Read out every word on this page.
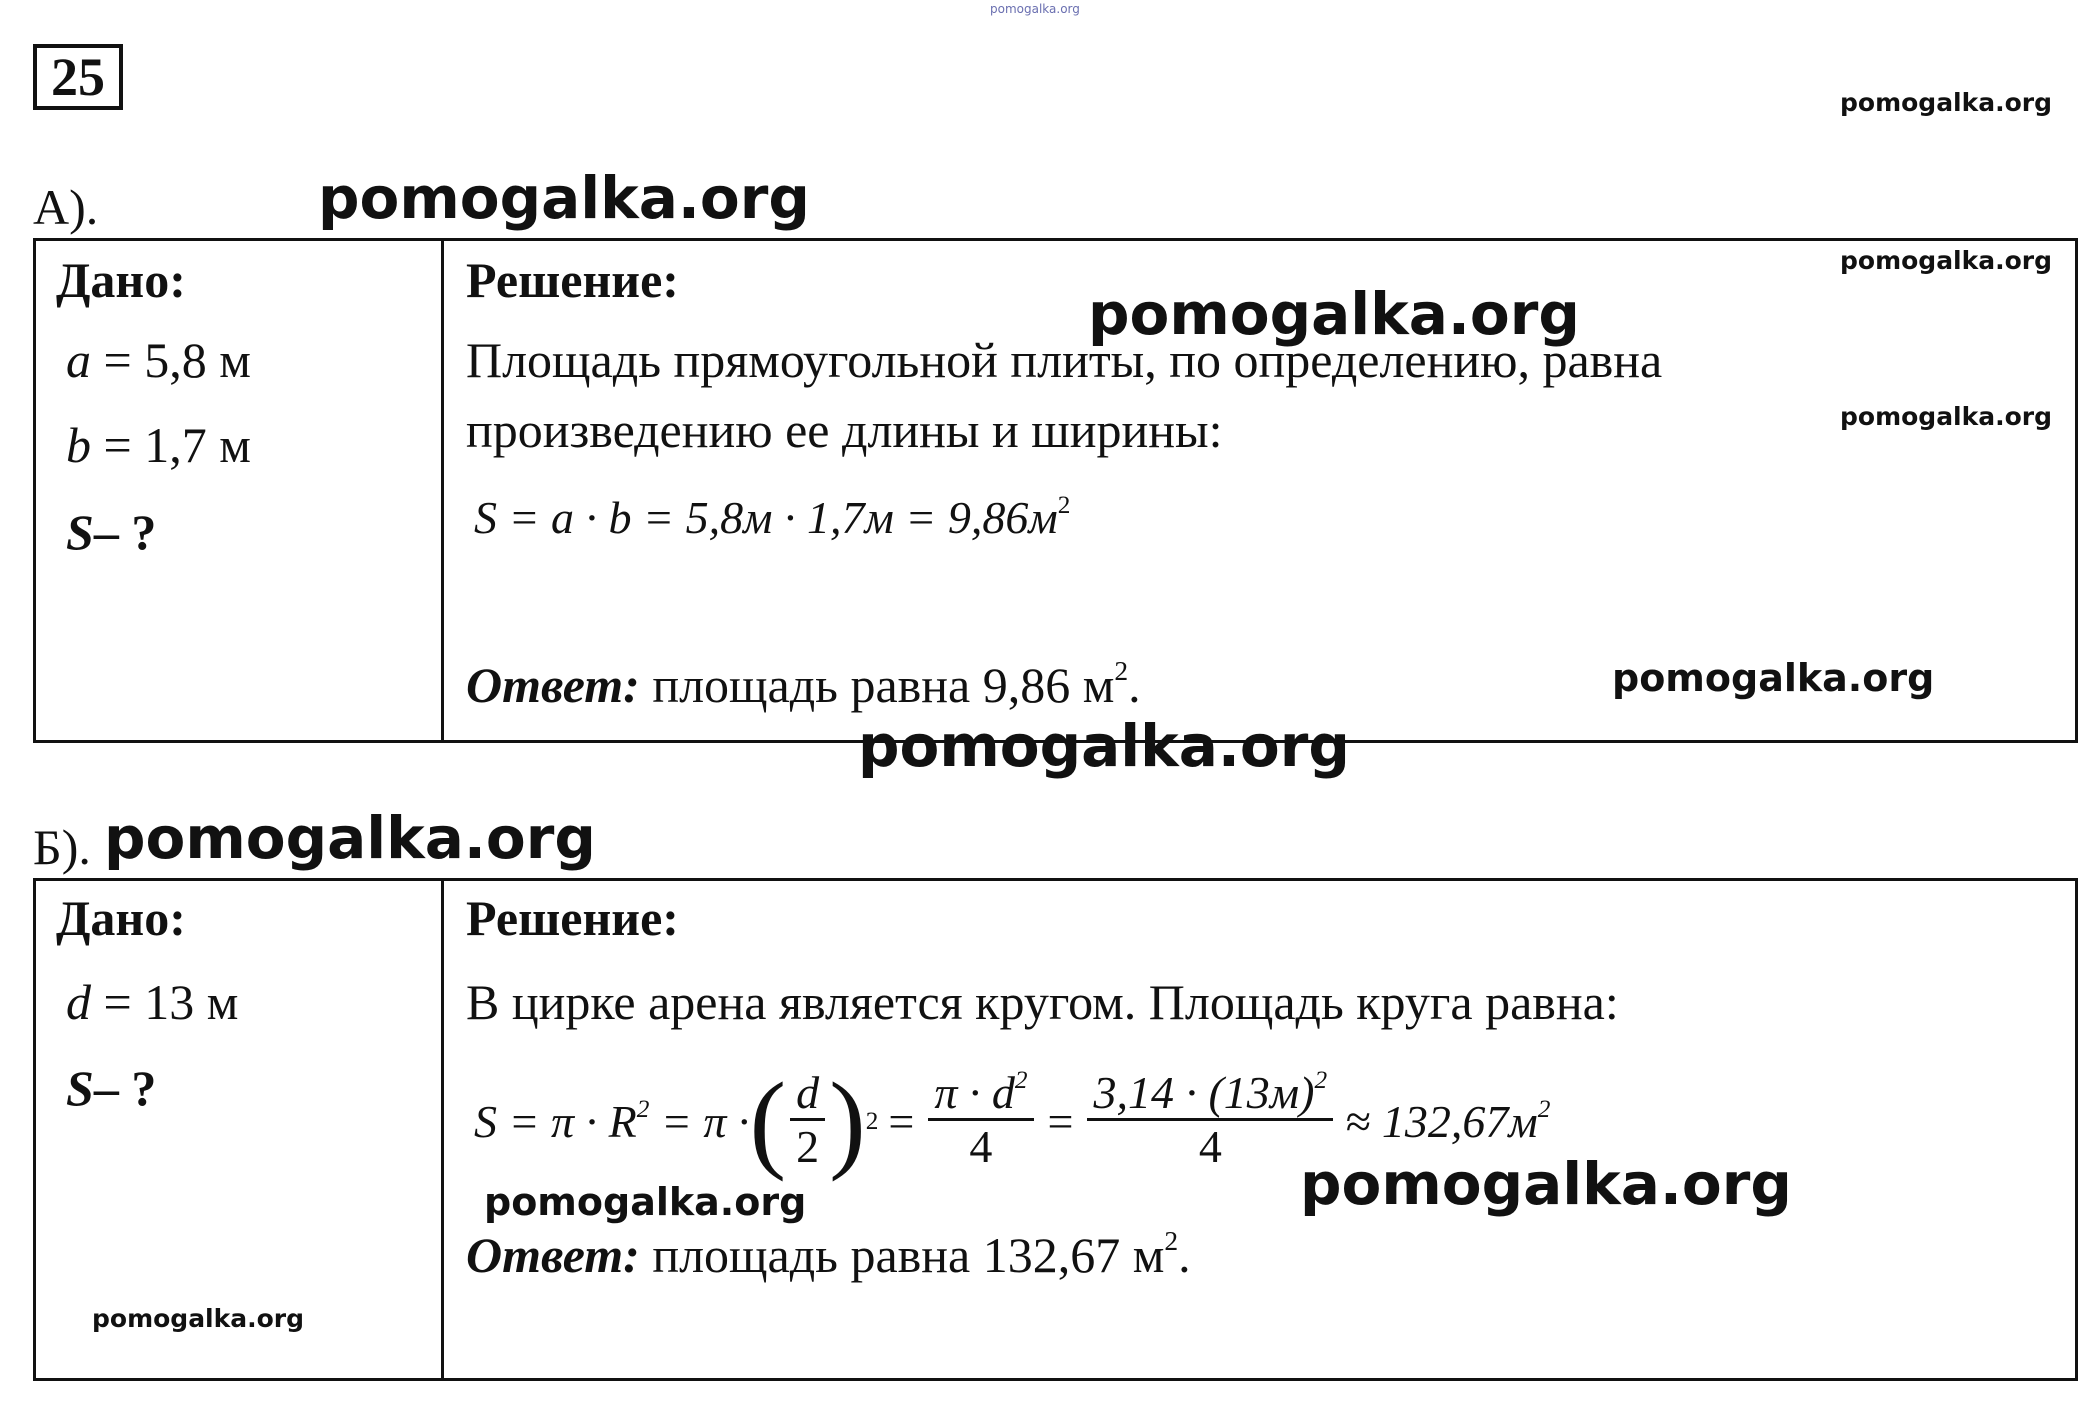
pomogalka.org
pomogalka.org
25
А).	pomogalka.org
Дано:
a = 5,8 м
b = 1,7 м
S– ?
Решение:
Площадь прямоугольной плиты, по определению, равна
произведению ее длины и ширины:
$S = a \cdot b = 5,8м \cdot 1,7м = 9,86м^2$
Ответ: площадь равна 9,86 $м^2$.
pomogalka.org
pomogalka.org
pomogalka.org
pomogalka.org
pomogalka.org
Б). pomogalka.org
Дано:
d = 13 м
S– ?
Решение:
В цирке арена является кругом. Площадь круга равна:
$S = \pi \cdot R^2 = \pi$ · ( $\frac{d}{2}$ ) $2 = \frac{\pi \cdot d^2}{4} = \frac{3,14 \cdot (13м)^2}{4} \approx 132,67м^2$
Ответ: площадь равна 132,67 $м^2$.
pomogalka.org
pomogalka.org	pomogalka.org
